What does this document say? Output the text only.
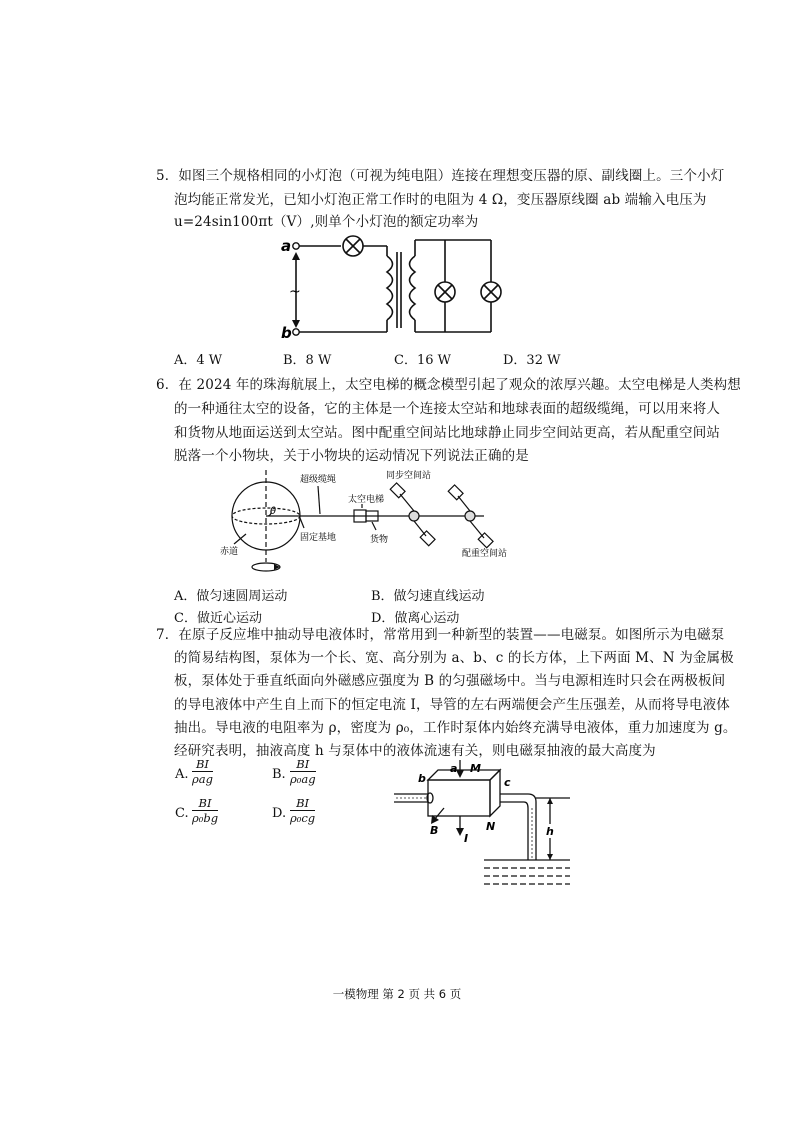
5．如图三个规格相同的小灯泡（可视为纯电阻）连接在理想变压器的原、副线圈上。三个小灯
泡均能正常发光，已知小灯泡正常工作时的电阻为 4 Ω，变压器原线圈 ab 端输入电压为
u=24sin100πt（V）,则单个小灯泡的额定功率为
a
b
~
A．4 W	B．8 W	C．16 W	D．32 W
6．在 2024 年的珠海航展上，太空电梯的概念模型引起了观众的浓厚兴趣。太空电梯是人类构想
的一种通往太空的设备，它的主体是一个连接太空站和地球表面的超级缆绳，可以用来将人
和货物从地面运送到太空站。图中配重空间站比地球静止同步空间站更高，若从配重空间站
脱落一个小物块，关于小物块的运动情况下列说法正确的是
θ
超级缆绳
太空电梯
同步空间站
赤道
固定基地	货物
配重空间站
A．做匀速圆周运动	B．做匀速直线运动
C．做近心运动	D．做离心运动
7．在原子反应堆中抽动导电液体时，常常用到一种新型的装置——电磁泵。如图所示为电磁泵
的简易结构图，泵体为一个长、宽、高分别为 a、b、c 的长方体，上下两面 M、N 为金属极
板，泵体处于垂直纸面向外磁感应强度为 B 的匀强磁场中。当与电源相连时只会在两极板间
的导电液体中产生自上而下的恒定电流 I，导管的左右两端便会产生压强差，从而将导电液体
抽出。导电液的电阻率为 ρ，密度为 ρ₀，工作时泵体内始终充满导电液体，重力加速度为 g。
经研究表明，抽液高度 h 与泵体中的液体流速有关，则电磁泵抽液的最大高度为
A.
BI
ρag	B. $\frac{BI}{\text{ρ₀ag}}$
C. $\frac{BI}{\text{ρ₀bg}}$	D. $\frac{BI}{\text{ρ₀cg}}$
a
b	c
M
N
B
I
h
一模物理 第 2 页 共 6 页
